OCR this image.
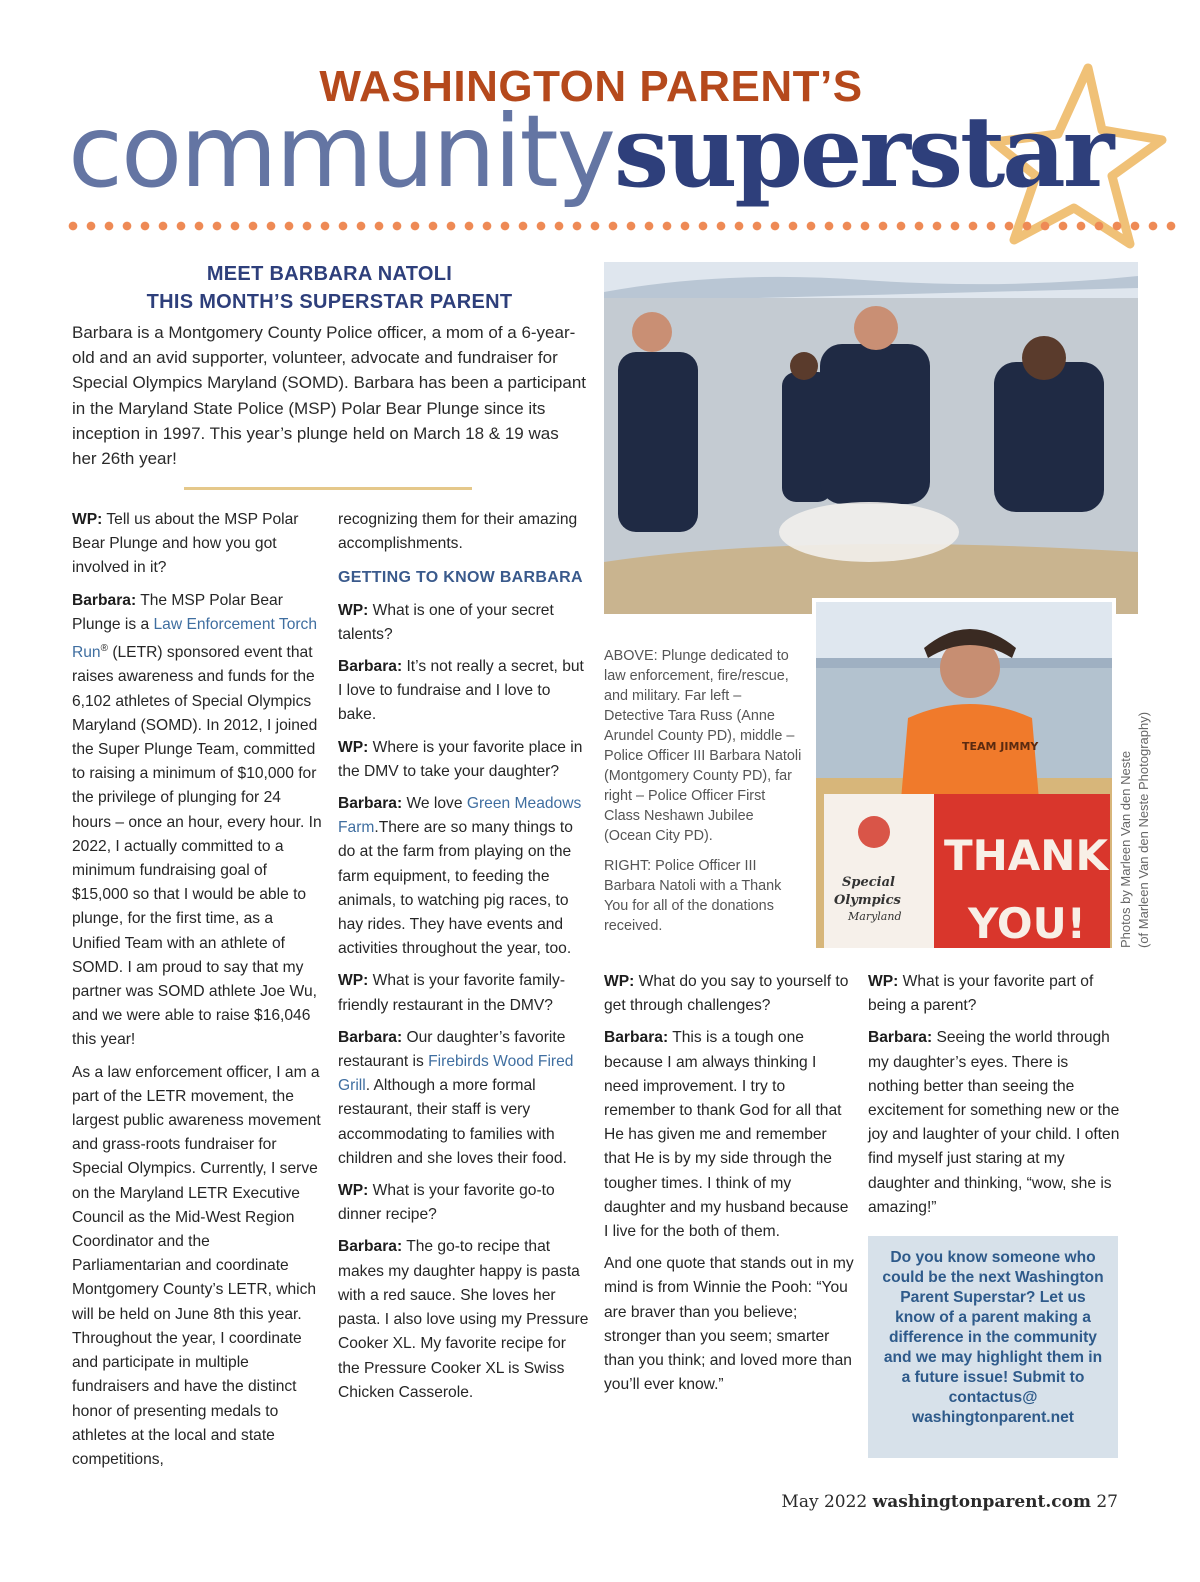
WASHINGTON PARENT’S
communitysuperstar
MEET BARBARA NATOLI
THIS MONTH’S SUPERSTAR PARENT
Barbara is a Montgomery County Police officer, a mom of a 6-year-old and an avid supporter, volunteer, advocate and fundraiser for Special Olympics Maryland (SOMD). Barbara has been a participant in the Maryland State Police (MSP) Polar Bear Plunge since its inception in 1997. This year’s plunge held on March 18 & 19 was her 26th year!

WP: Tell us about the MSP Polar Bear Plunge and how you got involved in it?

Barbara: The MSP Polar Bear Plunge is a Law Enforcement Torch Run® (LETR) sponsored event that raises awareness and funds for the 6,102 athletes of Special Olympics Maryland (SOMD). In 2012, I joined the Super Plunge Team, committed to raising a minimum of $10,000 for the privilege of plunging for 24 hours – once an hour, every hour. In 2022, I actually committed to a minimum fundraising goal of $15,000 so that I would be able to plunge, for the first time, as a Unified Team with an athlete of SOMD. I am proud to say that my partner was SOMD athlete Joe Wu, and we were able to raise $16,046 this year!

As a law enforcement officer, I am a part of the LETR movement, the largest public awareness movement and grass-roots fundraiser for Special Olympics. Currently, I serve on the Maryland LETR Executive Council as the Mid-West Region Coordinator and the Parliamentarian and coordinate Montgomery County’s LETR, which will be held on June 8th this year. Throughout the year, I coordinate and participate in multiple fundraisers and have the distinct honor of presenting medals to athletes at the local and state competitions,

recognizing them for their amazing accomplishments.

GETTING TO KNOW BARBARA

WP: What is one of your secret talents?

Barbara: It’s not really a secret, but I love to fundraise and I love to bake.

WP: Where is your favorite place in the DMV to take your daughter?

Barbara: We love Green Meadows Farm.There are so many things to do at the farm from playing on the farm equipment, to feeding the animals, to watching pig races, to hay rides. They have events and activities throughout the year, too.

WP: What is your favorite family-friendly restaurant in the DMV?

Barbara: Our daughter’s favorite restaurant is Firebirds Wood Fired Grill. Although a more formal restaurant, their staff is very accommodating to families with children and she loves their food.

WP: What is your favorite go-to dinner recipe?

Barbara: The go-to recipe that makes my daughter happy is pasta with a red sauce. She loves her pasta. I also love using my Pressure Cooker XL. My favorite recipe for the Pressure Cooker XL is Swiss Chicken Casserole.

ABOVE: Plunge dedicated to law enforcement, fire/rescue, and military. Far left – Detective Tara Russ (Anne Arundel County PD), middle – Police Officer III Barbara Natoli (Montgomery County PD), far right – Police Officer First Class Neshawn Jubilee (Ocean City PD).

RIGHT: Police Officer III Barbara Natoli with a Thank You for all of the donations received.

TEAM JIMMY
Special
Olympics
Maryland
THANK
YOU! Photos by Marleen Van den Neste (of Marleen Van den Neste Photography)

WP: What do you say to yourself to get through challenges?

Barbara: This is a tough one because I am always thinking I need improvement. I try to remember to thank God for all that He has given me and remember that He is by my side through the tougher times. I think of my daughter and my husband because I live for the both of them.

And one quote that stands out in my mind is from Winnie the Pooh: “You are braver than you believe; stronger than you seem; smarter than you think; and loved more than you’ll ever know.”

WP: What is your favorite part of being a parent?

Barbara: Seeing the world through my daughter’s eyes. There is nothing better than seeing the excitement for something new or the joy and laughter of your child. I often find myself just staring at my daughter and thinking, “wow, she is amazing!”

Do you know someone who could be the next Washington Parent Superstar? Let us know of a parent making a difference in the community and we may highlight them in a future issue! Submit to contactus@ washingtonparent.net
May 2022 washingtonparent.com 27
